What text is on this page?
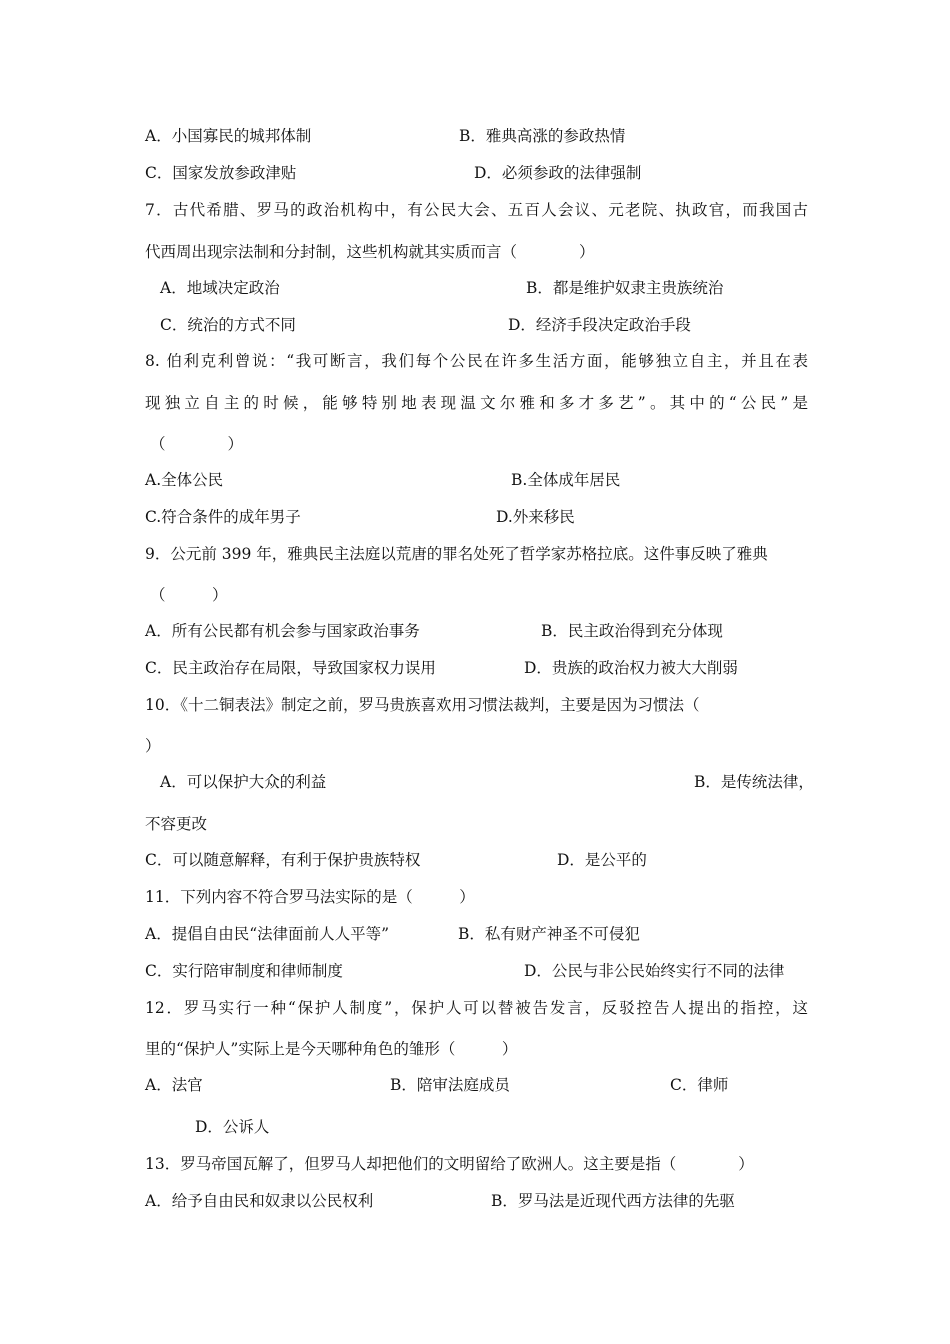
A．小国寡民的城邦体制	B．雅典高涨的参政热情
C．国家发放参政津贴	D．必须参政的法律强制
7．古代希腊、罗马的政治机构中，有公民大会、五百人会议、元老院、执政官，而我国古
代西周出现宗法制和分封制，这些机构就其实质而言（　　　　）
A．地域决定政治	B．都是维护奴隶主贵族统治
C．统治的方式不同	D．经济手段决定政治手段
8. 伯利克利曾说：“我可断言，我们每个公民在许多生活方面，能够独立自主，并且在表
现独立自主的时候，能够特别地表现温文尔雅和多才多艺”。其中的“公民”是
（　　　　）
A.全体公民	B.全体成年居民
C.符合条件的成年男子	D.外来移民
9．公元前 399 年，雅典民主法庭以荒唐的罪名处死了哲学家苏格拉底。这件事反映了雅典
（　　　）
A．所有公民都有机会参与国家政治事务	B．民主政治得到充分体现
C．民主政治存在局限，导致国家权力误用	D．贵族的政治权力被大大削弱
10．《十二铜表法》制定之前，罗马贵族喜欢用习惯法裁判，主要是因为习惯法（
）
A．可以保护大众的利益	B．是传统法律，
不容更改
C．可以随意解释，有利于保护贵族特权	D．是公平的
11．下列内容不符合罗马法实际的是（　　　）
A．提倡自由民“法律面前人人平等”	B．私有财产神圣不可侵犯
C．实行陪审制度和律师制度	D．公民与非公民始终实行不同的法律
12．罗马实行一种“保护人制度”，保护人可以替被告发言，反驳控告人提出的指控，这
里的“保护人”实际上是今天哪种角色的雏形（　　　）
A．法官	B．陪审法庭成员	C．律师
D．公诉人
13．罗马帝国瓦解了，但罗马人却把他们的文明留给了欧洲人。这主要是指（　　　　）
A．给予自由民和奴隶以公民权利	B．罗马法是近现代西方法律的先驱
